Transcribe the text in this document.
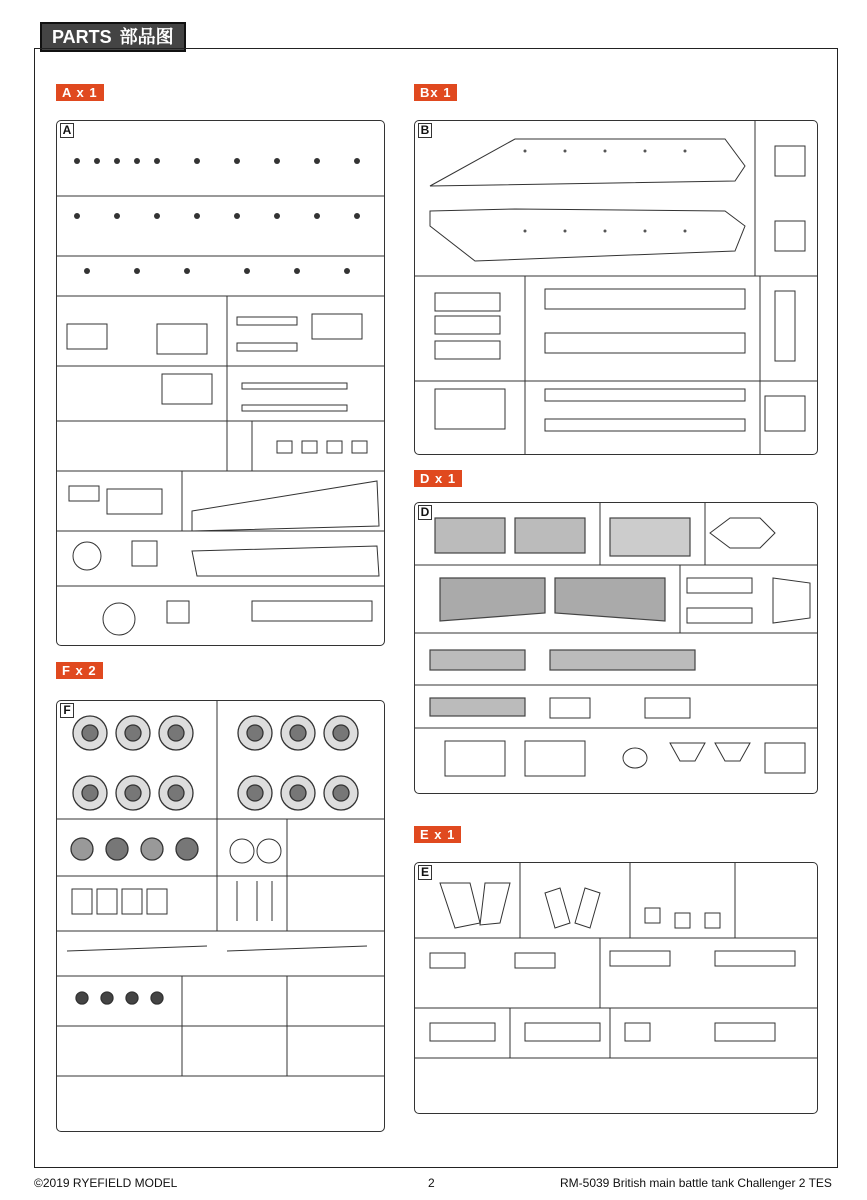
PARTS 部品图
A x 1	Bx 1
D x 1
E x 1
F x 2
A	B
D
E
F
©2019 RYEFIELD MODEL	2	RM-5039 British main battle tank Challenger 2 TES
